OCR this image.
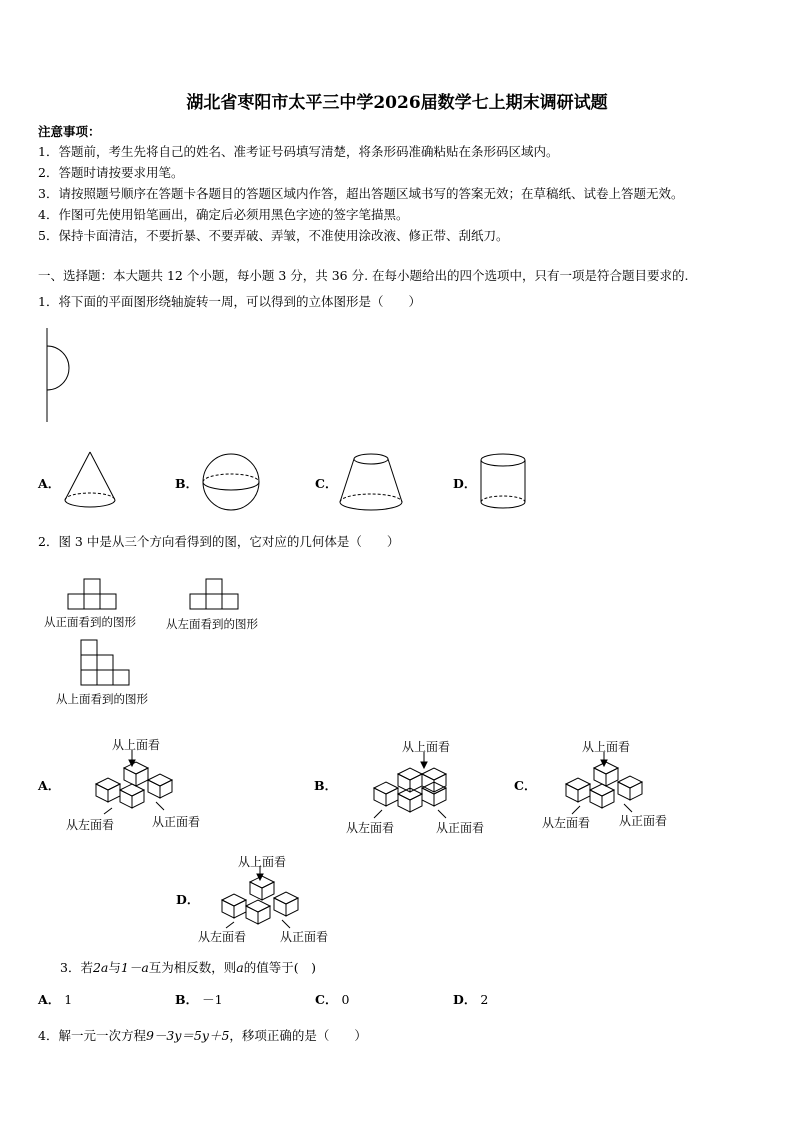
湖北省枣阳市太平三中学2026届数学七上期末调研试题
注意事项：
1．答题前，考生先将自己的姓名、准考证号码填写清楚，将条形码准确粘贴在条形码区域内。
2．答题时请按要求用笔。
3．请按照题号顺序在答题卡各题目的答题区域内作答，超出答题区域书写的答案无效；在草稿纸、试卷上答题无效。
4．作图可先使用铅笔画出，确定后必须用黑色字迹的签字笔描黑。
5．保持卡面清洁，不要折暴、不要弄破、弄皱，不准使用涂改液、修正带、刮纸刀。
一、选择题：本大题共 12 个小题，每小题 3 分，共 36 分. 在每小题给出的四个选项中，只有一项是符合题目要求的.
1．将下面的平面图形绕轴旋转一周，可以得到的立体图形是（　　）
A．	B．	C．	D．
2．图 3 中是从三个方向看得到的图，它对应的几何体是（　　）
从正面看到的图形	从左面看到的图形
从上面看到的图形
A．
从上面看
从左面看	从正面看
B．
从上面看
从左面看	从正面看
C．
从上面看
从左面看 从正面看
D．
从上面看
从左面看	从正面看
3．若2a与1－a互为相反数，则a的值等于(　)
A． 1	B． －1	C． 0	D． 2
4．解一元一次方程9－3y＝5y＋5，移项正确的是（　　）
